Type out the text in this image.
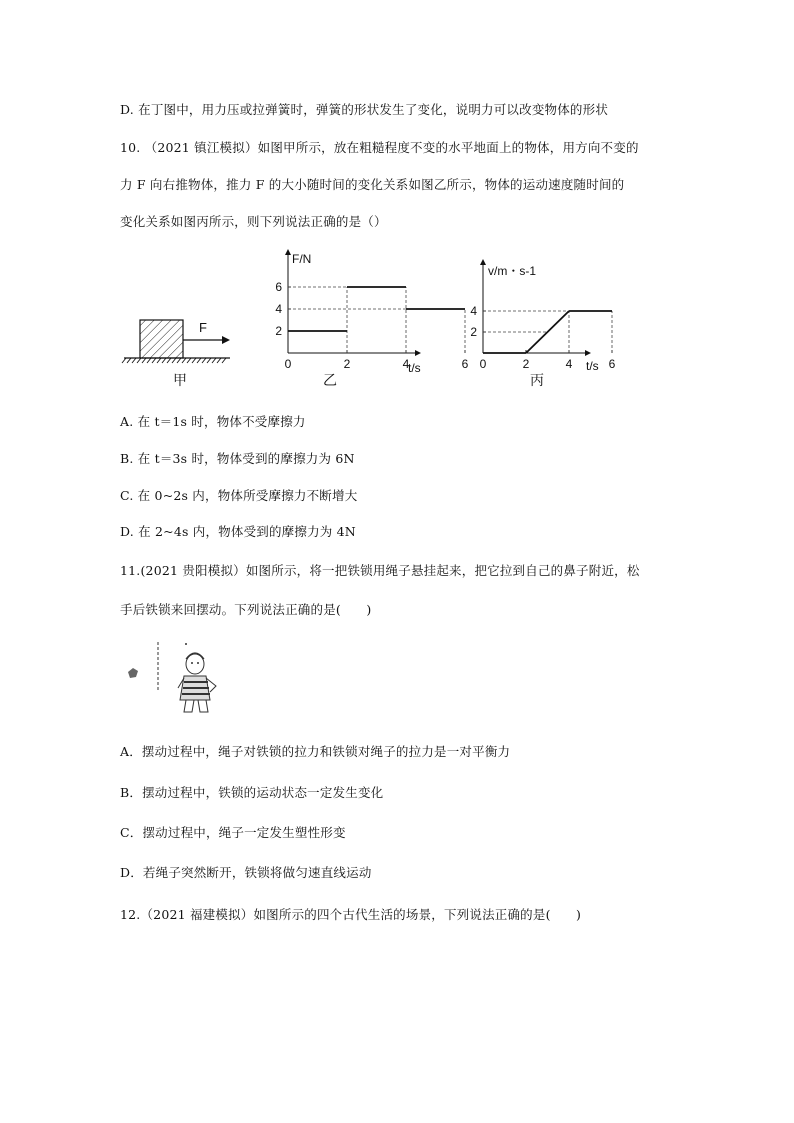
D. 在丁图中，用力压或拉弹簧时，弹簧的形状发生了变化，说明力可以改变物体的形状
10. （2021 镇江模拟）如图甲所示，放在粗糙程度不变的水平地面上的物体，用方向不变的
力 F 向右推物体，推力 F 的大小随时间的变化关系如图乙所示，物体的运动速度随时间的
变化关系如图丙所示，则下列说法正确的是（）
F
甲
F/N
t/s
0	2	4	6
2
4
6
乙
v/m・s-1
t/s
0	2	4	6
2
4
丙
A. 在 t＝1s 时，物体不受摩擦力
B. 在 t＝3s 时，物体受到的摩擦力为 6N
C. 在 0~2s 内，物体所受摩擦力不断增大
D. 在 2~4s 内，物体受到的摩擦力为 4N
11.(2021 贵阳模拟）如图所示，将一把铁锁用绳子悬挂起来，把它拉到自己的鼻子附近，松
手后铁锁来回摆动。下列说法正确的是(　　)
A．摆动过程中，绳子对铁锁的拉力和铁锁对绳子的拉力是一对平衡力
B．摆动过程中，铁锁的运动状态一定发生变化
C．摆动过程中，绳子一定发生塑性形变
D．若绳子突然断开，铁锁将做匀速直线运动
12.（2021 福建模拟）如图所示的四个古代生活的场景，下列说法正确的是(　　)
